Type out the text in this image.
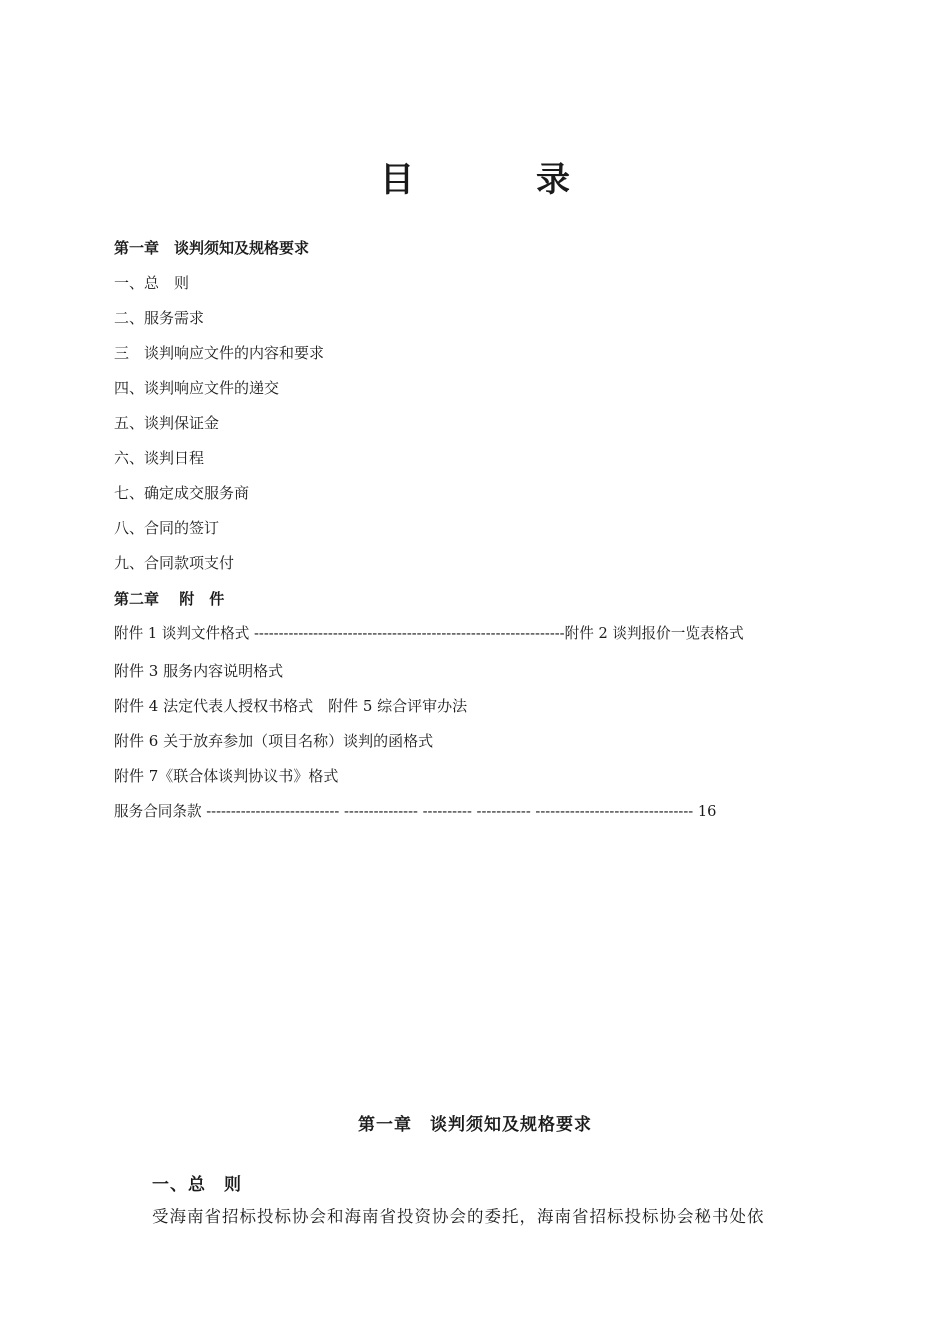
目　录
第一章　谈判须知及规格要求
一、总　则
二、服务需求
三　谈判响应文件的内容和要求
四、谈判响应文件的递交
五、谈判保证金
六、谈判日程
七、确定成交服务商
八、合同的签订
九、合同款项支付
第二章　 附　件
附件 1 谈判文件格式 ---------------------------------------------------------------附件 2 谈判报价一览表格式
附件 3 服务内容说明格式
附件 4 法定代表人授权书格式　附件 5 综合评审办法
附件 6 关于放弃参加（项目名称）谈判的函格式
附件 7《联合体谈判协议书》格式
服务合同条款 --------------------------- --------------- ---------- ----------- -------------------------------- 16
第一章　谈判须知及规格要求
一、总　则
受海南省招标投标协会和海南省投资协会的委托，海南省招标投标协会秘书处依
